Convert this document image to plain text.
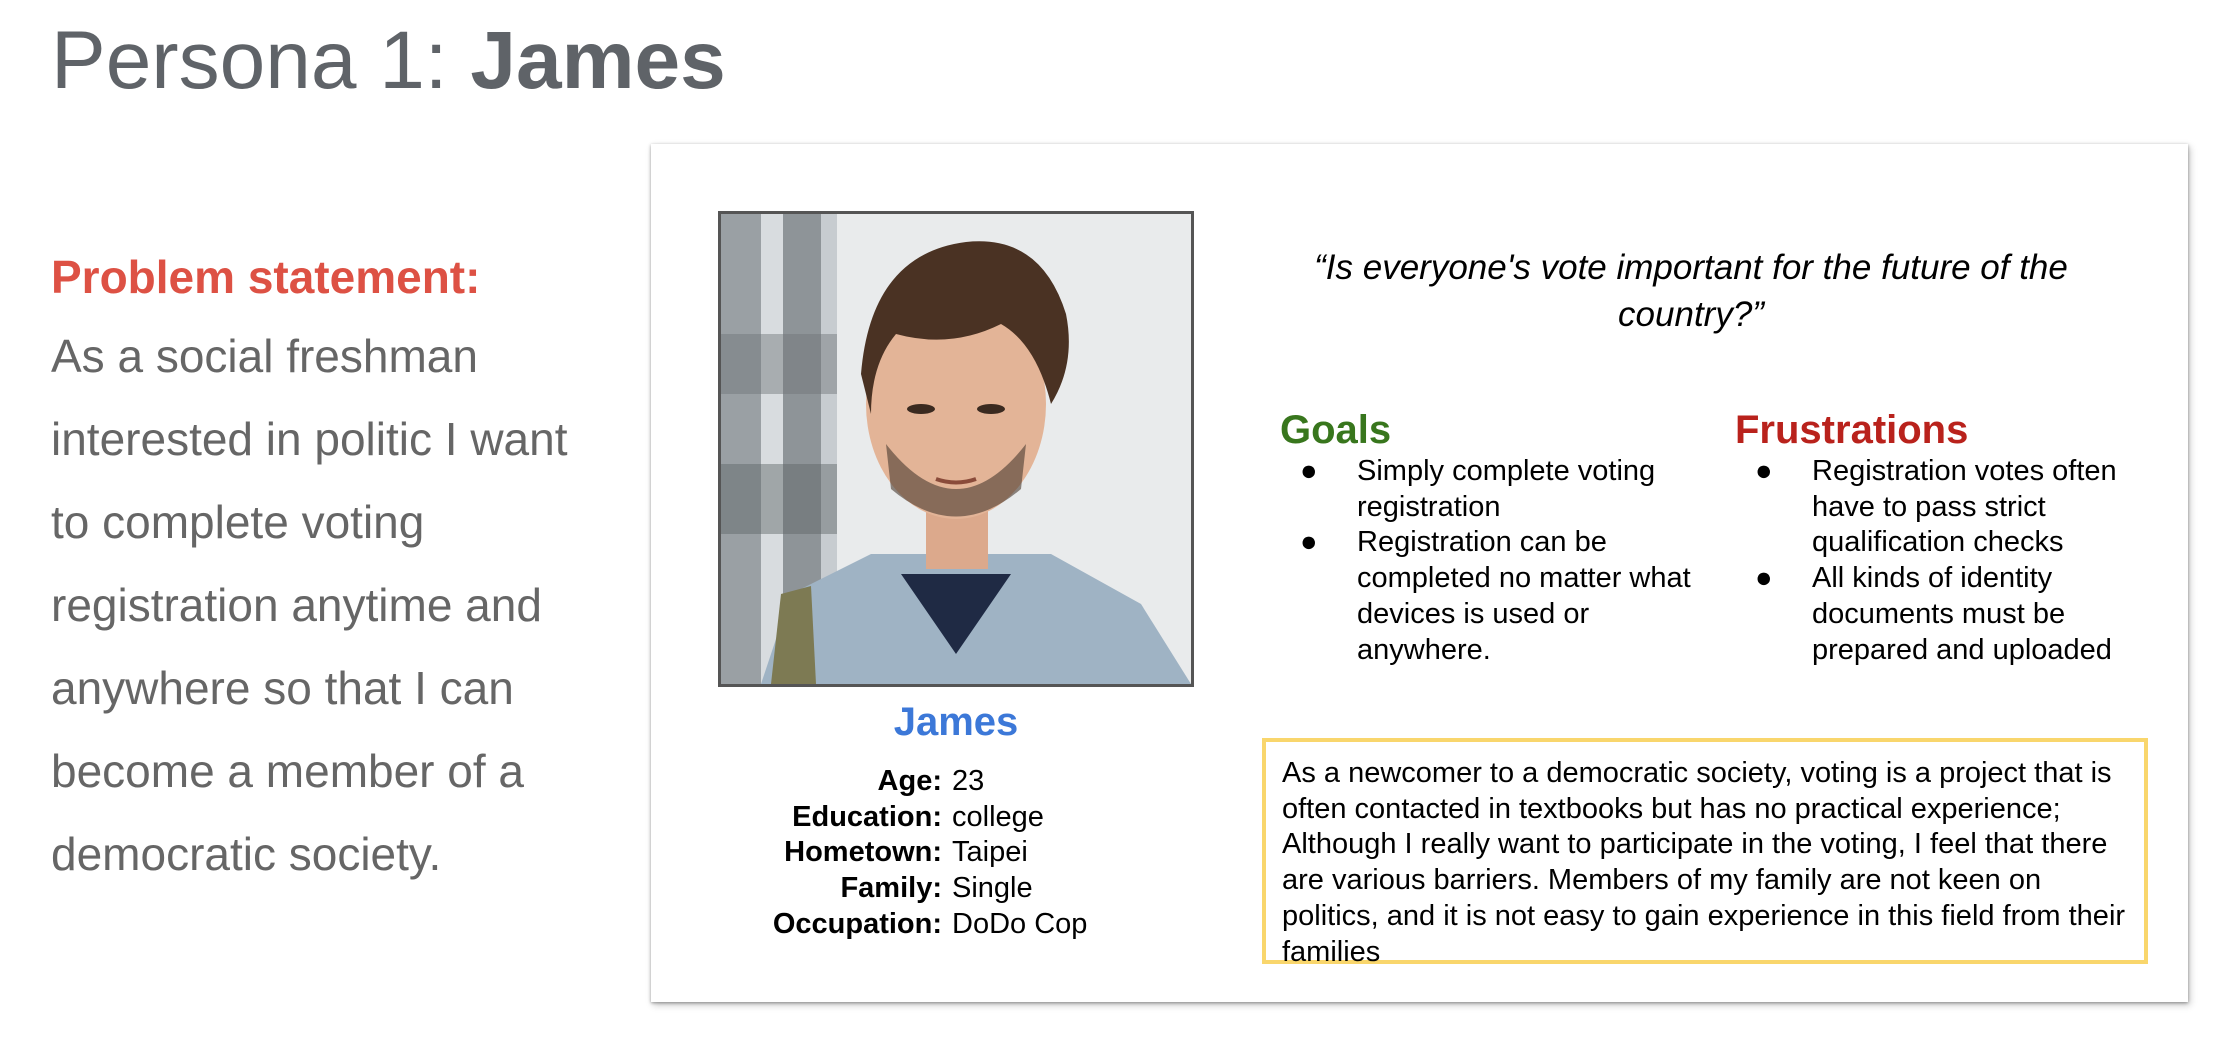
Persona 1: James
Problem statement:

As a social freshman interested in politic I want to complete voting registration anytime and anywhere so that I can become a member of a democratic society.

James
Age: 23
Education: college
Hometown: Taipei
Family: Single
Occupation: DoDo Cop

“Is everyone's vote important for the future of the country?”

Goals
● Simply complete voting registration
● Registration can be completed no matter what devices is used or anywhere.
Frustrations
● Registration votes often have to pass strict qualification checks
● All kinds of identity documents must be prepared and uploaded

As a newcomer to a democratic society, voting is a project that is often contacted in textbooks but has no practical experience; Although I really want to participate in the voting, I feel that there are various barriers. Members of my family are not keen on politics, and it is not easy to gain experience in this field from their families
